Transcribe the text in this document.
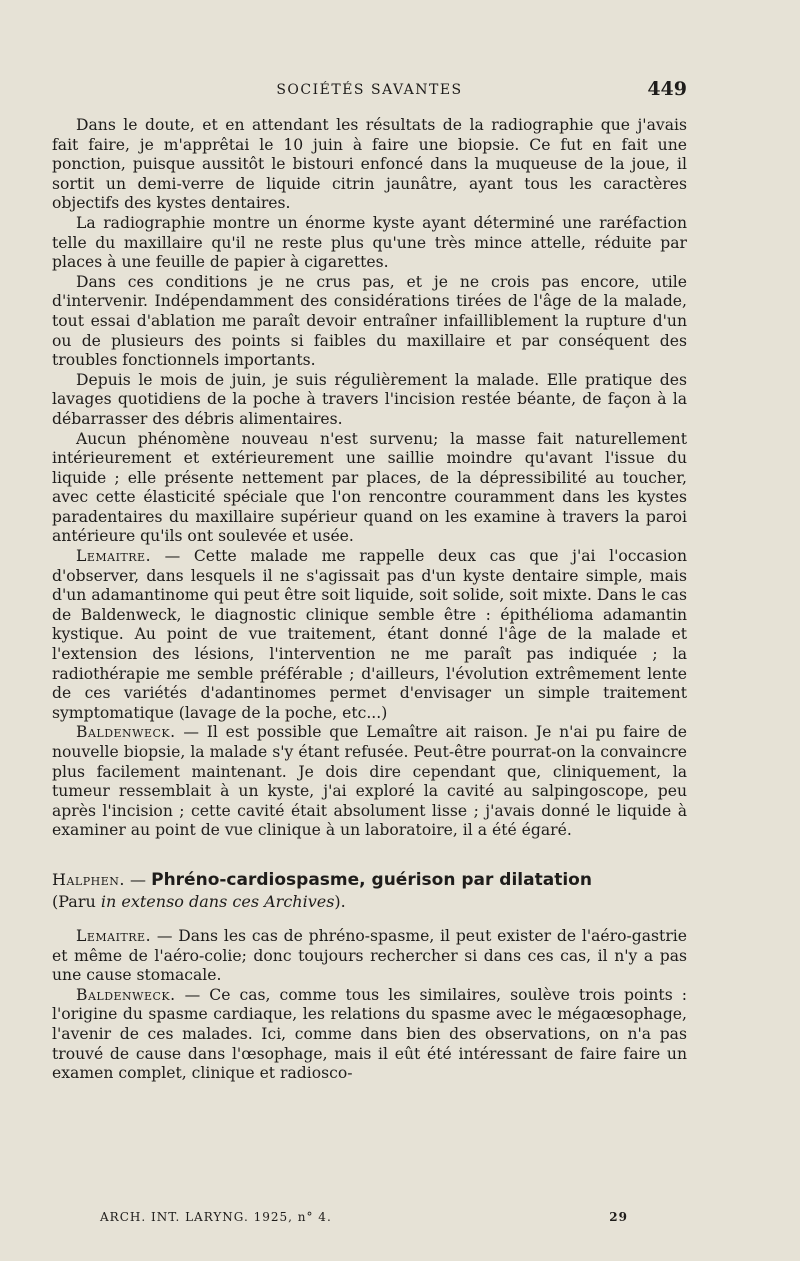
SOCIÉTÉS SAVANTES	449

Dans le doute, et en attendant les résultats de la radiographie que j'avais fait faire, je m'apprêtai le 10 juin à faire une biopsie. Ce fut en fait une ponction, puisque aussitôt le bistouri enfoncé dans la muqueuse de la joue, il sortit un demi-verre de liquide citrin jaunâtre, ayant tous les caractères objectifs des kystes dentaires.

La radiographie montre un énorme kyste ayant déterminé une raréfaction telle du maxillaire qu'il ne reste plus qu'une très mince attelle, réduite par places à une feuille de papier à cigarettes.

Dans ces conditions je ne crus pas, et je ne crois pas encore, utile d'intervenir. Indépendamment des considérations tirées de l'âge de la malade, tout essai d'ablation me paraît devoir entraîner infailliblement la rupture d'un ou de plusieurs des points si faibles du maxillaire et par conséquent des troubles fonctionnels importants.

Depuis le mois de juin, je suis régulièrement la malade. Elle pratique des lavages quotidiens de la poche à travers l'incision restée béante, de façon à la débarrasser des débris alimentaires.

Aucun phénomène nouveau n'est survenu; la masse fait naturellement intérieurement et extérieurement une saillie moindre qu'avant l'issue du liquide ; elle présente nettement par places, de la dépressibilité au toucher, avec cette élasticité spéciale que l'on rencontre couramment dans les kystes paradentaires du maxillaire supérieur quand on les examine à travers la paroi antérieure qu'ils ont soulevée et usée.

Lemaitre. — Cette malade me rappelle deux cas que j'ai l'occasion d'observer, dans lesquels il ne s'agissait pas d'un kyste dentaire simple, mais d'un adamantinome qui peut être soit liquide, soit solide, soit mixte. Dans le cas de Baldenweck, le diagnostic clinique semble être : épithélioma adamantin kystique. Au point de vue traitement, étant donné l'âge de la malade et l'extension des lésions, l'intervention ne me paraît pas indiquée ; la radiothérapie me semble préférable ; d'ailleurs, l'évolution extrêmement lente de ces variétés d'adantinomes permet d'envisager un simple traitement symptomatique (lavage de la poche, etc...)

Baldenweck. — Il est possible que Lemaître ait raison. Je n'ai pu faire de nouvelle biopsie, la malade s'y étant refusée. Peut-être pourrat-on la convaincre plus facilement maintenant. Je dois dire cependant que, cliniquement, la tumeur ressemblait à un kyste, j'ai exploré la cavité au salpingoscope, peu après l'incision ; cette cavité était absolument lisse ; j'avais donné le liquide à examiner au point de vue clinique à un laboratoire, il a été égaré.

Halphen. — Phréno-cardiospasme, guérison par dilatation

(Paru in extenso dans ces Archives).

Lemaitre. — Dans les cas de phréno-spasme, il peut exister de l'aéro-gastrie et même de l'aéro-colie; donc toujours rechercher si dans ces cas, il n'y a pas une cause stomacale.

Baldenweck. — Ce cas, comme tous les similaires, soulève trois points : l'origine du spasme cardiaque, les relations du spasme avec le mégaœsophage, l'avenir de ces malades. Ici, comme dans bien des observations, on n'a pas trouvé de cause dans l'œsophage, mais il eût été intéressant de faire faire un examen complet, clinique et radiosco-

ARCH. INT. LARYNG. 1925, n° 4.	29
